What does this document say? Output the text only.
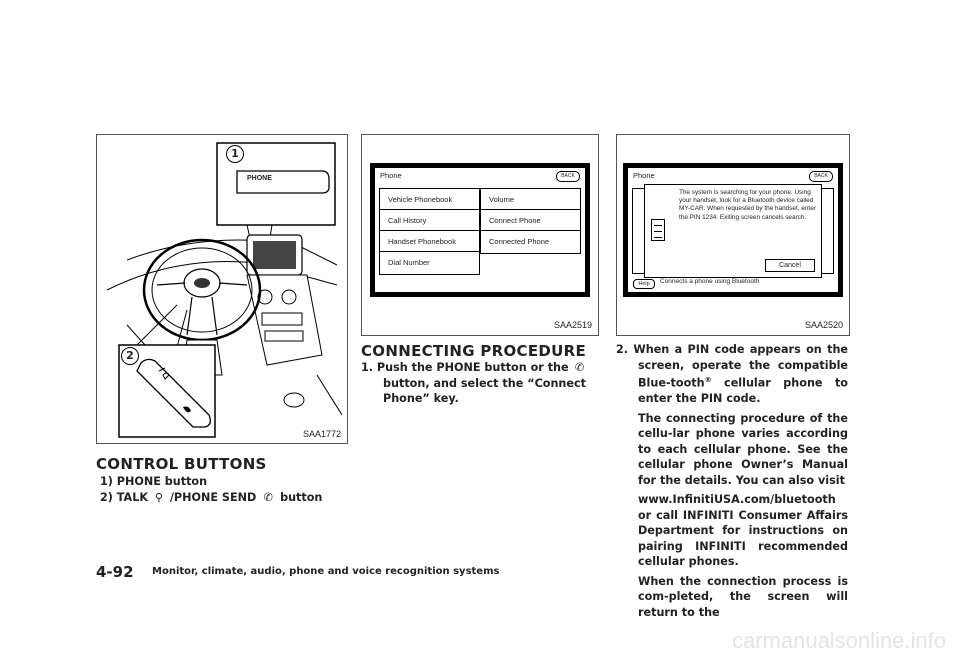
1
PHONE
2
SAA1772
Phone	BACK
Vehicle Phonebook
Call History
Handset Phonebook
Dial Number
Volume
Connect Phone
Connected Phone
SAA2519
Phone	BACK
The system is searching for your phone. Using your handset, look for a Bluetooth device called MY-CAR. When requested by the handset, enter the PIN 1234. Exiting screen cancels search.
Cancel
Help	Connects a phone using Bluetooth
SAA2520
CONTROL BUTTONS
1) PHONE button
2) TALK ⚲ /PHONE SEND ✆ button
CONNECTING PROCEDURE
1. Push the PHONE button or the ✆
button, and select the “Connect Phone” key.
2. When a PIN code appears on the screen, operate the compatible Blue-tooth® cellular phone to enter the PIN code.
The connecting procedure of the cellu-lar phone varies according to each cellular phone. See the cellular phone Owner’s Manual for the details. You can also visit
www.InfinitiUSA.com/bluetooth or call INFINITI Consumer Affairs Department for instructions on pairing INFINITI recommended cellular phones.
When the connection process is com-pleted, the screen will return to the
4-92 Monitor, climate, audio, phone and voice recognition systems
carmanualsonline.info
